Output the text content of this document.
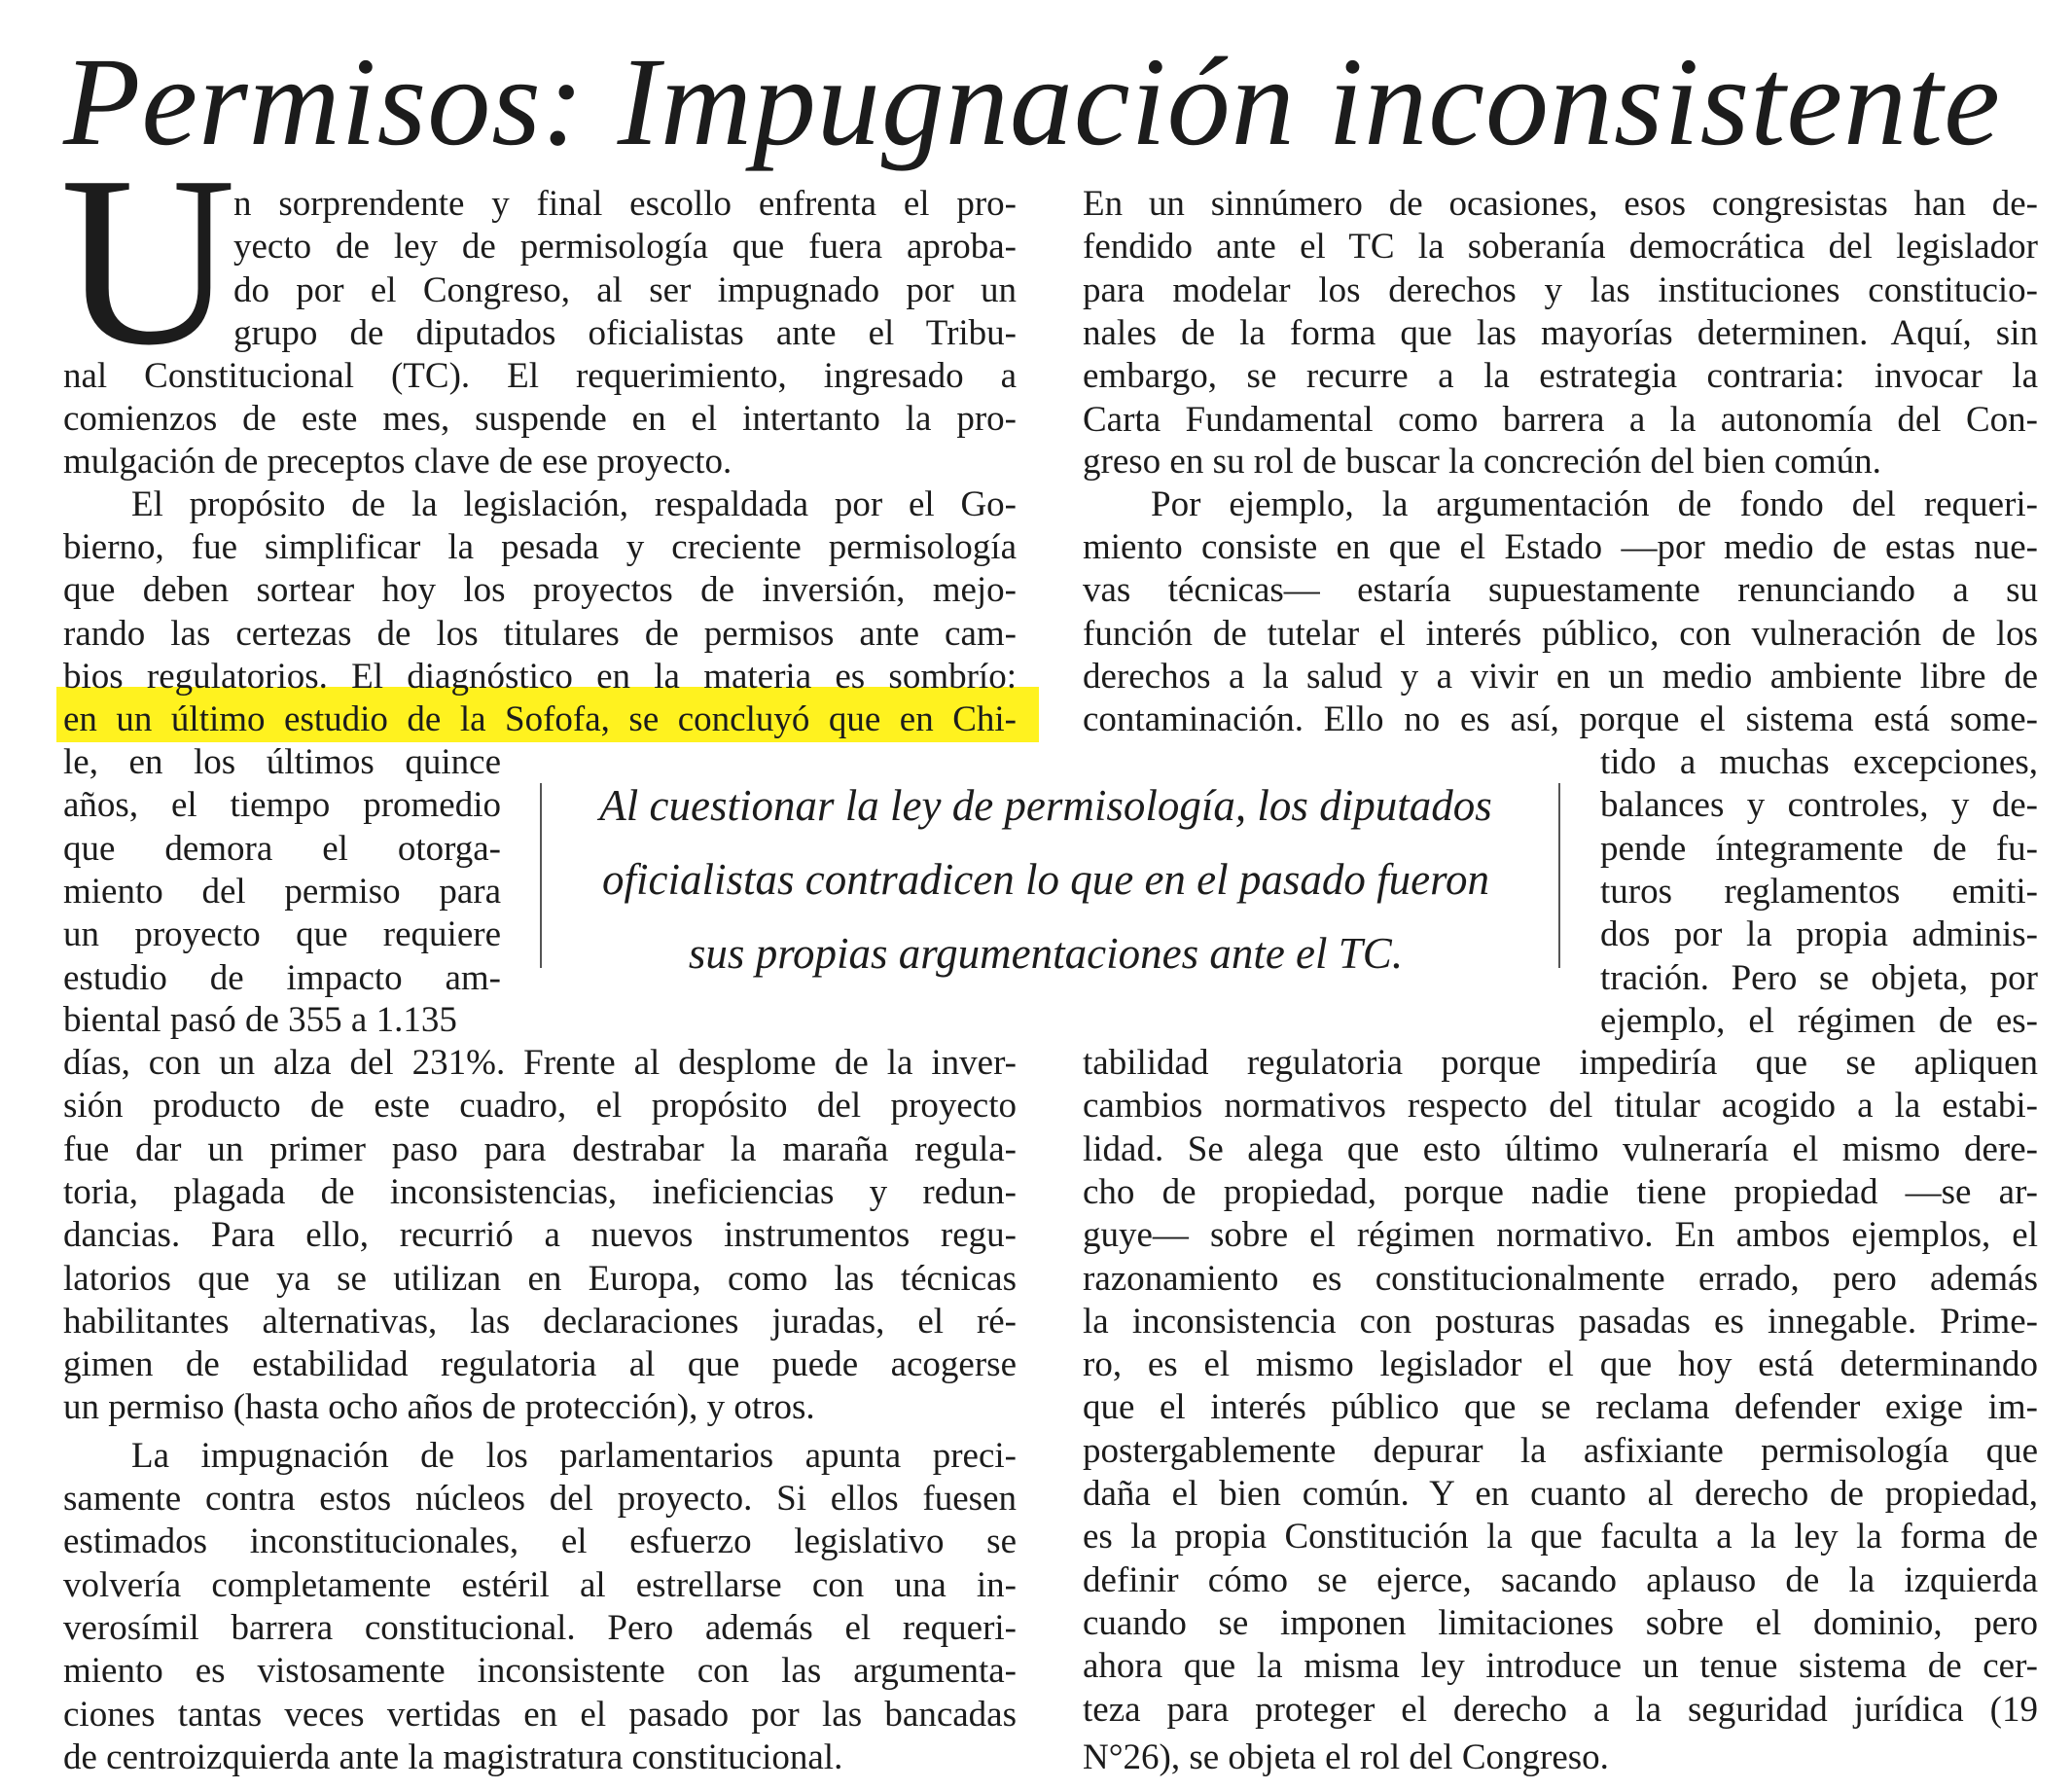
Permisos: Impugnación inconsistente
U
n sorprendente y final escollo enfrenta el pro-
yecto de ley de permisología que fuera aproba-
do por el Congreso, al ser impugnado por un
grupo de diputados oficialistas ante el Tribu-
nal Constitucional (TC). El requerimiento, ingresado a
comienzos de este mes, suspende en el intertanto la pro-
mulgación de preceptos clave de ese proyecto.
El propósito de la legislación, respaldada por el Go-
bierno, fue simplificar la pesada y creciente permisología
que deben sortear hoy los proyectos de inversión, mejo-
rando las certezas de los titulares de permisos ante cam-
bios regulatorios. El diagnóstico en la materia es sombrío:
en un último estudio de la Sofofa, se concluyó que en Chi-
le, en los últimos quince
años, el tiempo promedio
que demora el otorga-
miento del permiso para
un proyecto que requiere
estudio de impacto am-
biental pasó de 355 a 1.135
días, con un alza del 231%. Frente al desplome de la inver-
sión producto de este cuadro, el propósito del proyecto
fue dar un primer paso para destrabar la maraña regula-
toria, plagada de inconsistencias, ineficiencias y redun-
dancias. Para ello, recurrió a nuevos instrumentos regu-
latorios que ya se utilizan en Europa, como las técnicas
habilitantes alternativas, las declaraciones juradas, el ré-
gimen de estabilidad regulatoria al que puede acogerse
un permiso (hasta ocho años de protección), y otros.
La impugnación de los parlamentarios apunta preci-
samente contra estos núcleos del proyecto. Si ellos fuesen
estimados inconstitucionales, el esfuerzo legislativo se
volvería completamente estéril al estrellarse con una in-
verosímil barrera constitucional. Pero además el requeri-
miento es vistosamente inconsistente con las argumenta-
ciones tantas veces vertidas en el pasado por las bancadas
de centroizquierda ante la magistratura constitucional.
En un sinnúmero de ocasiones, esos congresistas han de-
fendido ante el TC la soberanía democrática del legislador
para modelar los derechos y las instituciones constitucio-
nales de la forma que las mayorías determinen. Aquí, sin
embargo, se recurre a la estrategia contraria: invocar la
Carta Fundamental como barrera a la autonomía del Con-
greso en su rol de buscar la concreción del bien común.
Por ejemplo, la argumentación de fondo del requeri-
miento consiste en que el Estado —por medio de estas nue-
vas técnicas— estaría supuestamente renunciando a su
función de tutelar el interés público, con vulneración de los
derechos a la salud y a vivir en un medio ambiente libre de
contaminación. Ello no es así, porque el sistema está some-
tido a muchas excepciones,
balances y controles, y de-
pende íntegramente de fu-
turos reglamentos emiti-
dos por la propia adminis-
tración. Pero se objeta, por
ejemplo, el régimen de es-
tabilidad regulatoria porque impediría que se apliquen
cambios normativos respecto del titular acogido a la estabi-
lidad. Se alega que esto último vulneraría el mismo dere-
cho de propiedad, porque nadie tiene propiedad —se ar-
guye— sobre el régimen normativo. En ambos ejemplos, el
razonamiento es constitucionalmente errado, pero además
la inconsistencia con posturas pasadas es innegable. Prime-
ro, es el mismo legislador el que hoy está determinando
que el interés público que se reclama defender exige im-
postergablemente depurar la asfixiante permisología que
daña el bien común. Y en cuanto al derecho de propiedad,
es la propia Constitución la que faculta a la ley la forma de
definir cómo se ejerce, sacando aplauso de la izquierda
cuando se imponen limitaciones sobre el dominio, pero
ahora que la misma ley introduce un tenue sistema de cer-
teza para proteger el derecho a la seguridad jurídica (19
N°26), se objeta el rol del Congreso.
Al cuestionar la ley de permisología, los diputados
oficialistas contradicen lo que en el pasado fueron
sus propias argumentaciones ante el TC.
